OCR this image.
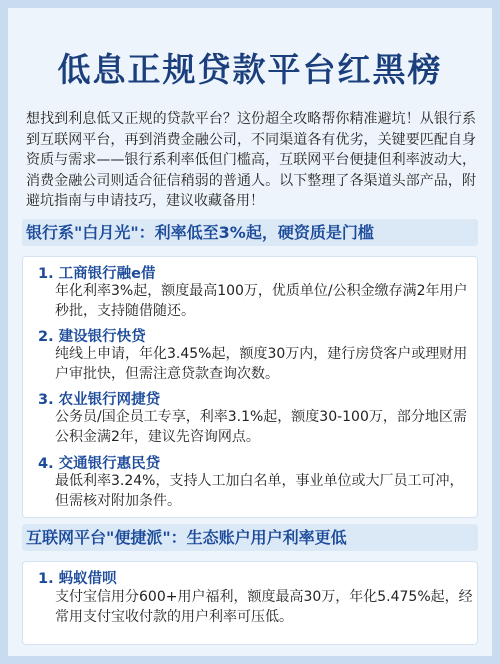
低息正规贷款平台红黑榜
想找到利息低又正规的贷款平台？这份超全攻略帮你精准避坑！从银行系到互联网平台，再到消费金融公司，不同渠道各有优劣，关键要匹配自身资质与需求——银行系利率低但门槛高，互联网平台便捷但利率波动大，消费金融公司则适合征信稍弱的普通人。以下整理了各渠道头部产品，附避坑指南与申请技巧，建议收藏备用！
银行系"白月光"：利率低至3%起，硬资质是门槛
1. 工商银行融e借
年化利率3%起，额度最高100万，优质单位/公积金缴存满2年用户秒批，支持随借随还。
2. 建设银行快贷
纯线上申请，年化3.45%起，额度30万内，建行房贷客户或理财用户审批快，但需注意贷款查询次数。
3. 农业银行网捷贷
公务员/国企员工专享，利率3.1%起，额度30-100万，部分地区需公积金满2年，建议先咨询网点。
4. 交通银行惠民贷
最低利率3.24%，支持人工加白名单，事业单位或大厂员工可冲，但需核对附加条件。
互联网平台"便捷派"：生态账户用户利率更低
1. 蚂蚁借呗
支付宝信用分600+用户福利，额度最高30万，年化5.475%起，经常用支付宝收付款的用户利率可压低。
